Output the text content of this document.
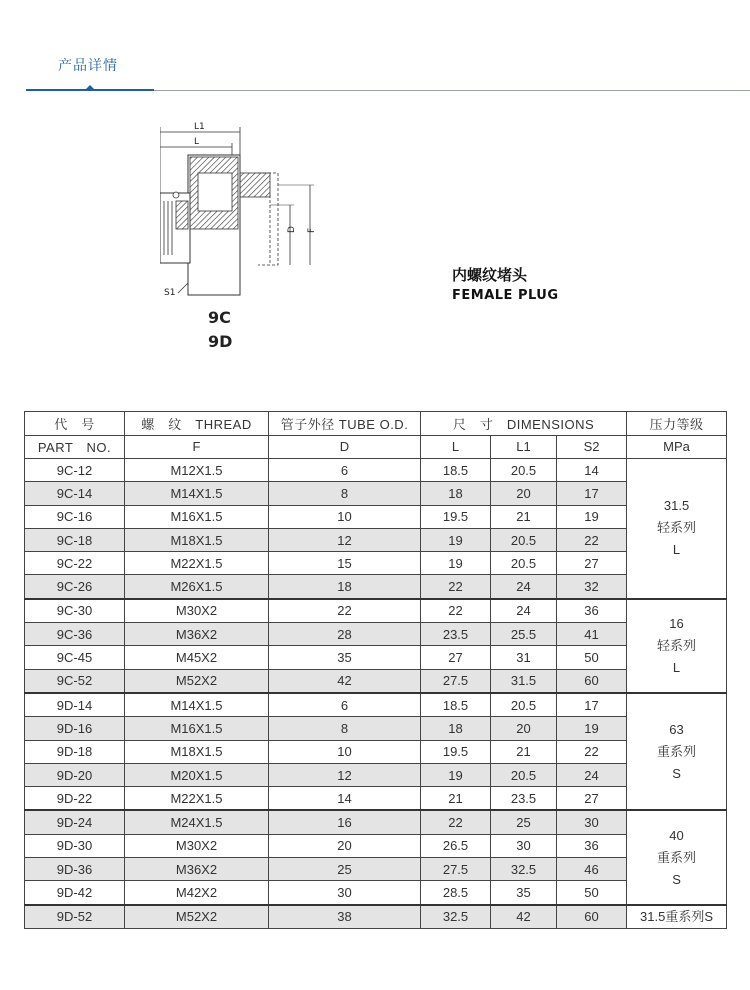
产品详情
L1
L
D F
S1
9C
9D
内螺纹堵头
FEMALE PLUG
代　号	螺　纹　THREAD	管子外径 TUBE O.D.	尺　寸　DIMENSIONS			压力等级
PART　NO.	F	D	L	L1	S2	MPa
9C-12	M12X1.5	6	18.5	20.5	14	31.5
轻系列
L

9C-14	M14X1.5	8	18	20	17	
9C-16	M16X1.5	10	19.5	21	19	
9C-18	M18X1.5	12	19	20.5	22	
9C-22	M22X1.5	15	19	20.5	27	
9C-26	M26X1.5	18	22	24	32	
9C-30	M30X2	22	22	24	36	16
轻系列
L

9C-36	M36X2	28	23.5	25.5	41	
9C-45	M45X2	35	27	31	50	
9C-52	M52X2	42	27.5	31.5	60	
9D-14	M14X1.5	6	18.5	20.5	17	63
重系列
S

9D-16	M16X1.5	8	18	20	19	
9D-18	M18X1.5	10	19.5	21	22	
9D-20	M20X1.5	12	19	20.5	24	
9D-22	M22X1.5	14	21	23.5	27	
9D-24	M24X1.5	16	22	25	30	40
重系列
S

9D-30	M30X2	20	26.5	30	36	
9D-36	M36X2	25	27.5	32.5	46	
9D-42	M42X2	30	28.5	35	50	
9D-52	M52X2	38	32.5	42	60	31.5重系列S
